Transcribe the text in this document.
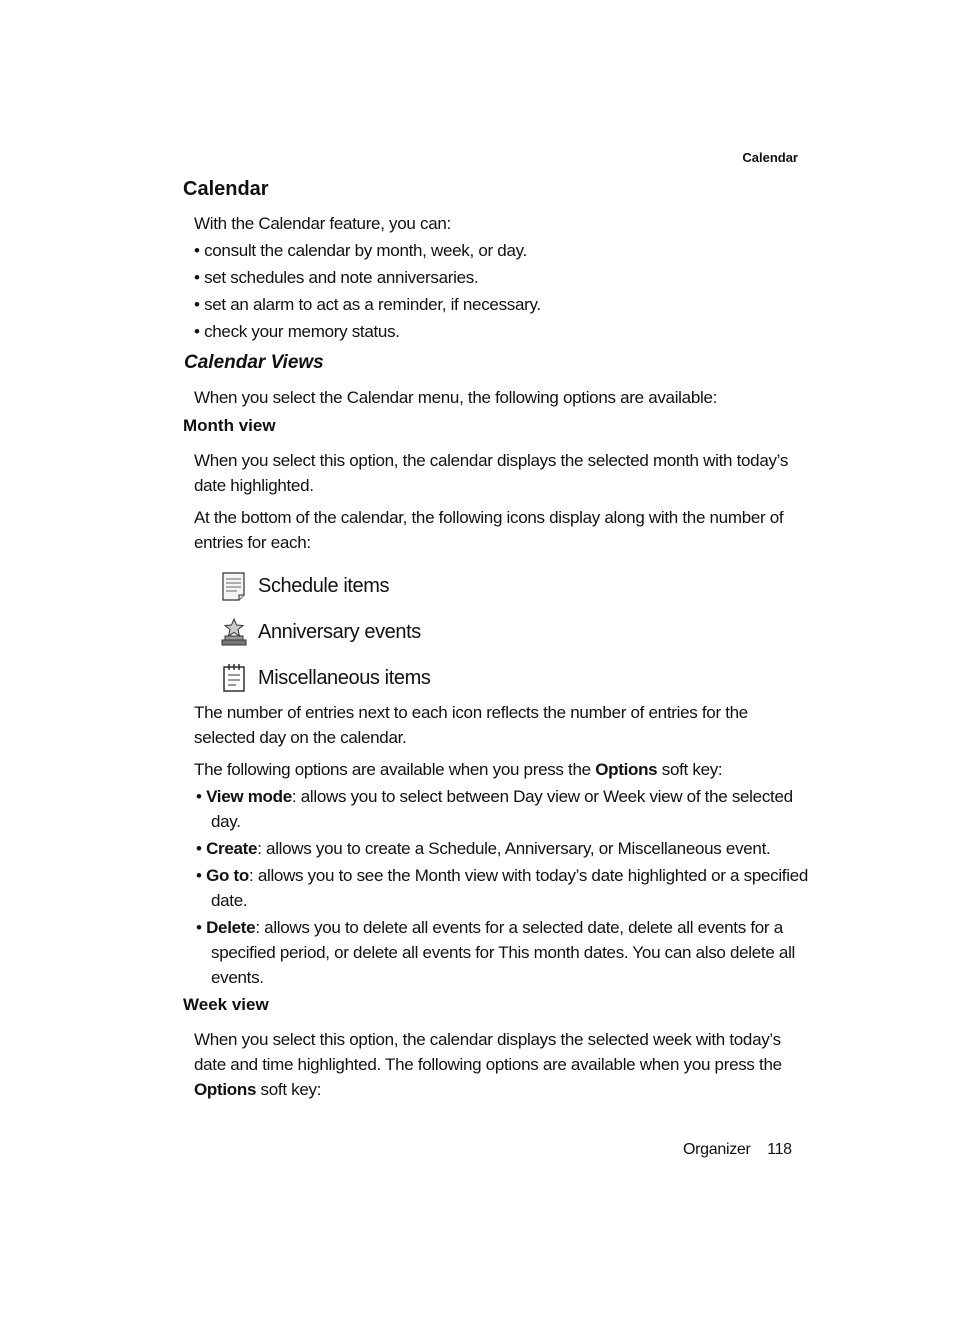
Calendar
Calendar
With the Calendar feature, you can:
• consult the calendar by month, week, or day.
• set schedules and note anniversaries.
• set an alarm to act as a reminder, if necessary.
• check your memory status.
Calendar Views
When you select the Calendar menu, the following options are available:
Month view
When you select this option, the calendar displays the selected month with today’s date highlighted.
At the bottom of the calendar, the following icons display along with the number of entries for each:
Schedule items
Anniversary events
Miscellaneous items
The number of entries next to each icon reflects the number of entries for the selected day on the calendar.
The following options are available when you press the Options soft key:
• View mode: allows you to select between Day view or Week view of the selected day.
• Create: allows you to create a Schedule, Anniversary, or Miscellaneous event.
• Go to: allows you to see the Month view with today’s date highlighted or a specified date.
• Delete: allows you to delete all events for a selected date, delete all events for a specified period, or delete all events for This month dates. You can also delete all events.
Week view
When you select this option, the calendar displays the selected week with today’s date and time highlighted. The following options are available when you press the Options soft key:
Organizer 118
